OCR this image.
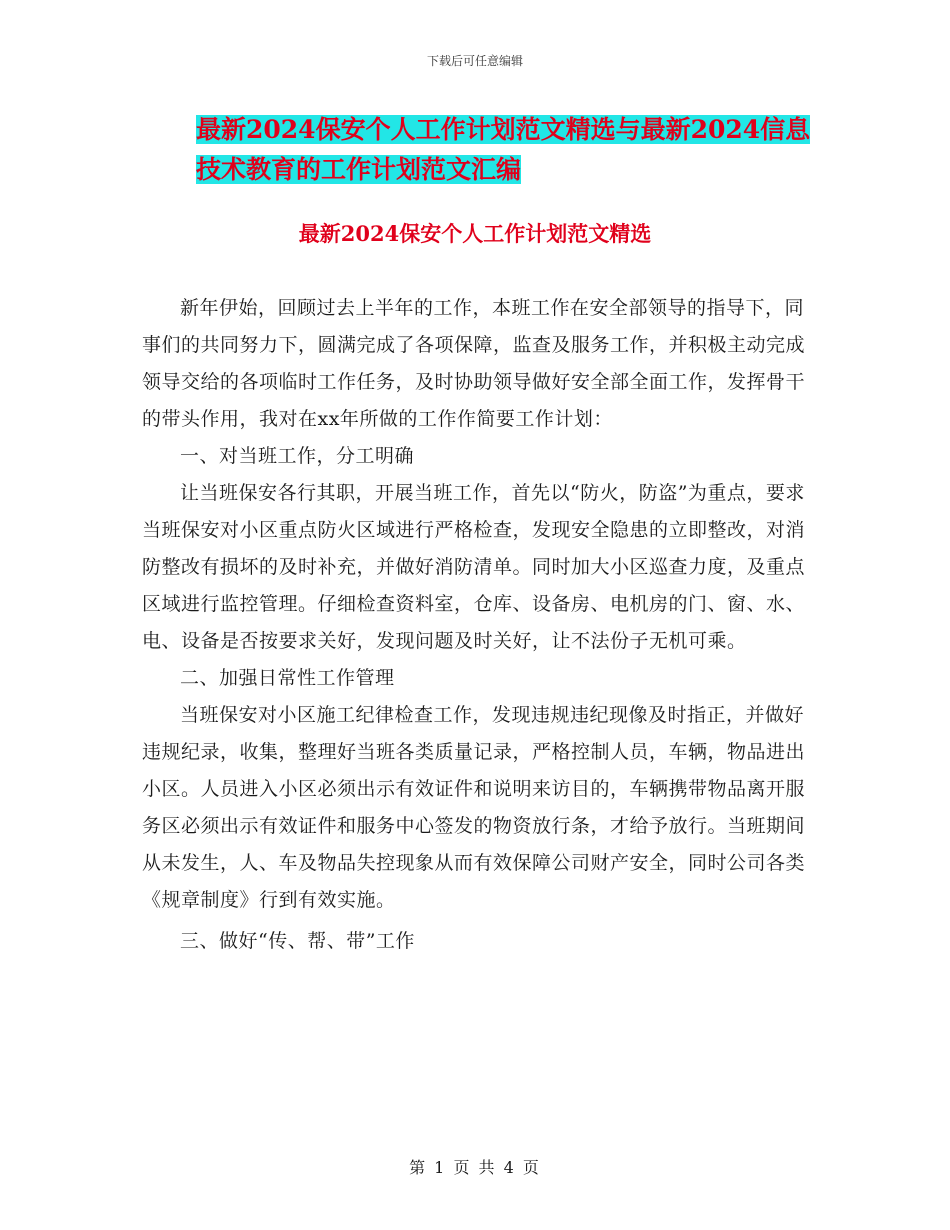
下载后可任意编辑
最新2024保安个人工作计划范文精选与最新2024信息技术教育的工作计划范文汇编
最新2024保安个人工作计划范文精选

新年伊始，回顾过去上半年的工作，本班工作在安全部领导的指导下，同事们的共同努力下，圆满完成了各项保障，监查及服务工作，并积极主动完成领导交给的各项临时工作任务，及时协助领导做好安全部全面工作，发挥骨干的带头作用，我对在xx年所做的工作作简要工作计划：

一、对当班工作，分工明确

让当班保安各行其职，开展当班工作，首先以“防火，防盗”为重点，要求当班保安对小区重点防火区域进行严格检查，发现安全隐患的立即整改，对消防整改有损坏的及时补充，并做好消防清单。同时加大小区巡查力度，及重点区域进行监控管理。仔细检查资料室，仓库、设备房、电机房的门、窗、水、电、设备是否按要求关好，发现问题及时关好，让不法份子无机可乘。

二、加强日常性工作管理

当班保安对小区施工纪律检查工作，发现违规违纪现像及时指正，并做好违规纪录，收集，整理好当班各类质量记录，严格控制人员，车辆，物品进出小区。人员进入小区必须出示有效证件和说明来访目的，车辆携带物品离开服务区必须出示有效证件和服务中心签发的物资放行条，才给予放行。当班期间从未发生，人、车及物品失控现象从而有效保障公司财产安全，同时公司各类《规章制度》行到有效实施。

三、做好“传、帮、带”工作

第 1 页 共 4 页
